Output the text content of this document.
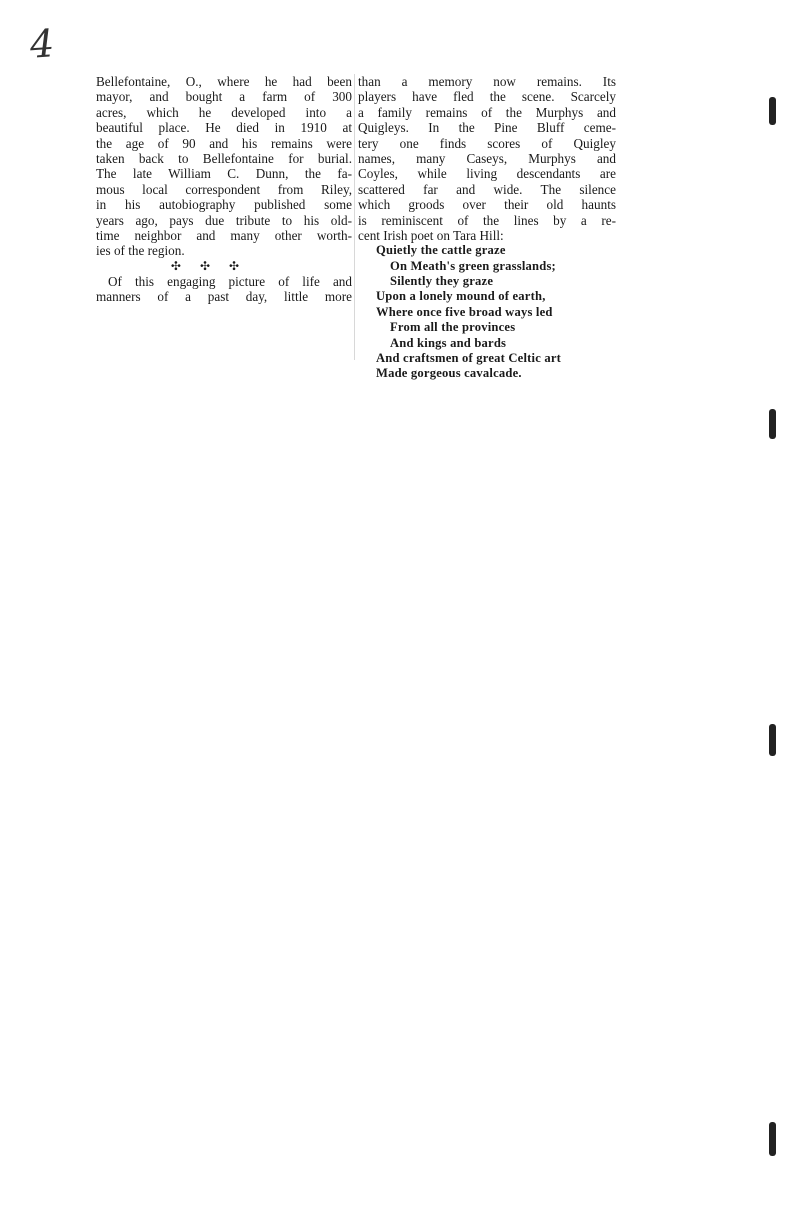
4
Bellefontaine, O., where he had been
mayor, and bought a farm of 300
acres, which he developed into a
beautiful place. He died in 1910 at
the age of 90 and his remains were
taken back to Bellefontaine for burial.
The late William C. Dunn, the fa-
mous local correspondent from Riley,
in his autobiography published some
years ago, pays due tribute to his old-
time neighbor and many other worth-
ies of the region.
✣ ✣ ✣
Of this engaging picture of life and
manners of a past day, little more
than a memory now remains. Its
players have fled the scene. Scarcely
a family remains of the Murphys and
Quigleys. In the Pine Bluff ceme-
tery one finds scores of Quigley
names, many Caseys, Murphys and
Coyles, while living descendants are
scattered far and wide. The silence
which groods over their old haunts
is reminiscent of the lines by a re-
cent Irish poet on Tara Hill:
Quietly the cattle graze
On Meath's green grasslands;
Silently they graze
Upon a lonely mound of earth,
Where once five broad ways led
From all the provinces
And kings and bards
And craftsmen of great Celtic art
Made gorgeous cavalcade.
